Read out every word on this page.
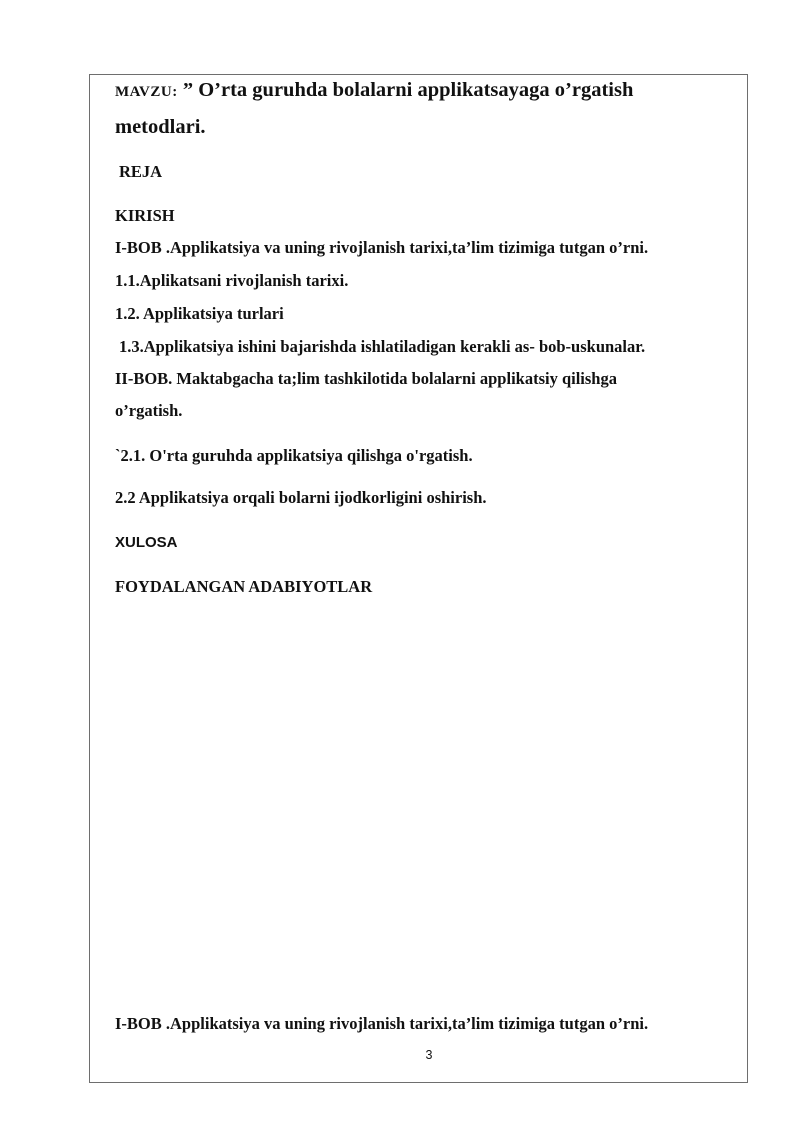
MAVZU: ” O’rta guruhda bolalarni applikatsayaga o’rgatish
metodlari.
REJA
KIRISH
I-BOB .Applikatsiya va uning rivojlanish tarixi,ta’lim tizimiga tutgan o’rni.
1.1.Aplikatsani rivojlanish tarixi.
1.2. Applikatsiya turlari
1.3.Applikatsiya ishini bajarishda ishlatiladigan kerakli as- bob-uskunalar.
II-BOB. Maktabgacha ta;lim tashkilotida bolalarni applikatsiy qilishga
o’rgatish.
`2.1. O'rta guruhda applikatsiya qilishga o'rgatish.
2.2 Applikatsiya orqali bolarni ijodkorligini oshirish.
XULOSA
FOYDALANGAN ADABIYOTLAR
I-BOB .Applikatsiya va uning rivojlanish tarixi,ta’lim tizimiga tutgan o’rni.
3
